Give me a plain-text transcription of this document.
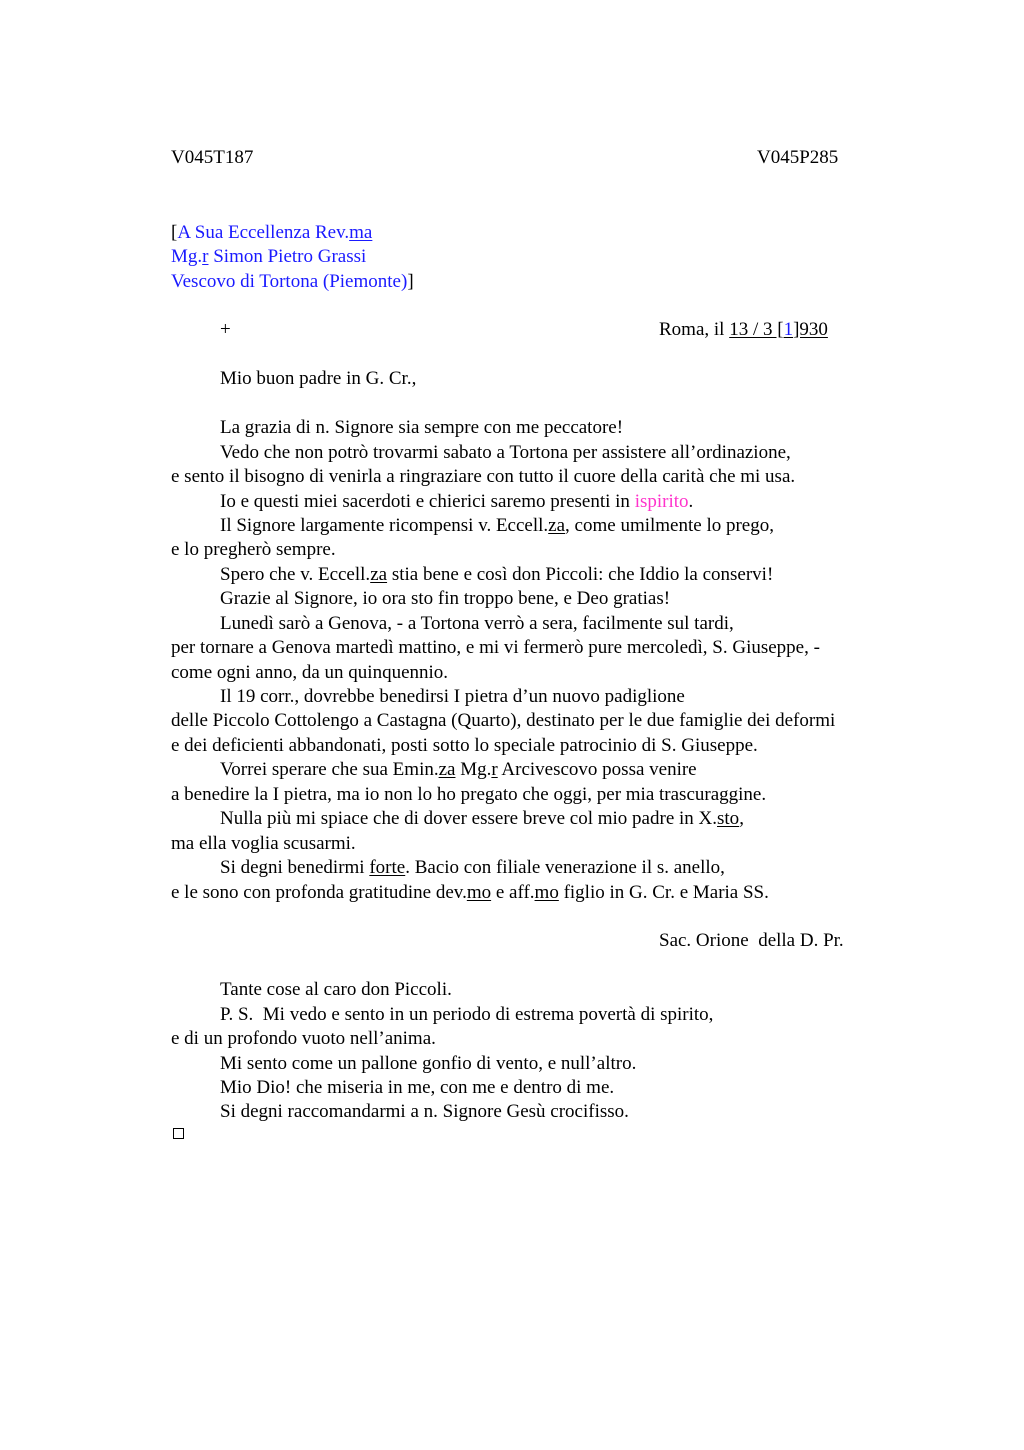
V045T187	V045P285
[A Sua Eccellenza Rev.ma
Mg.r Simon Pietro Grassi
Vescovo di Tortona (Piemonte)]
+	Roma, il 13 / 3 [1]930
Mio buon padre in G. Cr.,
La grazia di n. Signore sia sempre con me peccatore!
Vedo che non potrò trovarmi sabato a Tortona per assistere all’ordinazione,
e sento il bisogno di venirla a ringraziare con tutto il cuore della carità che mi usa.
Io e questi miei sacerdoti e chierici saremo presenti in ispirito.
Il Signore largamente ricompensi v. Eccell.za, come umilmente lo prego,
e lo pregherò sempre.
Spero che v. Eccell.za stia bene e così don Piccoli: che Iddio la conservi!
Grazie al Signore, io ora sto fin troppo bene, e Deo gratias!
Lunedì sarò a Genova, - a Tortona verrò a sera, facilmente sul tardi,
per tornare a Genova martedì mattino, e mi vi fermerò pure mercoledì, S. Giuseppe, -
come ogni anno, da un quinquennio.
Il 19 corr., dovrebbe benedirsi I pietra d’un nuovo padiglione
delle Piccolo Cottolengo a Castagna (Quarto), destinato per le due famiglie dei deformi
e dei deficienti abbandonati, posti sotto lo speciale patrocinio di S. Giuseppe.
Vorrei sperare che sua Emin.za Mg.r Arcivescovo possa venire
a benedire la I pietra, ma io non lo ho pregato che oggi, per mia trascuraggine.
Nulla più mi spiace che di dover essere breve col mio padre in X.sto,
ma ella voglia scusarmi.
Si degni benedirmi forte. Bacio con filiale venerazione il s. anello,
e le sono con profonda gratitudine dev.mo e aff.mo figlio in G. Cr. e Maria SS.
Sac. Orione  della D. Pr.
Tante cose al caro don Piccoli.
P. S.  Mi vedo e sento in un periodo di estrema povertà di spirito,
e di un profondo vuoto nell’anima.
Mi sento come un pallone gonfio di vento, e null’altro.
Mio Dio! che miseria in me, con me e dentro di me.
Si degni raccomandarmi a n. Signore Gesù crocifisso.
